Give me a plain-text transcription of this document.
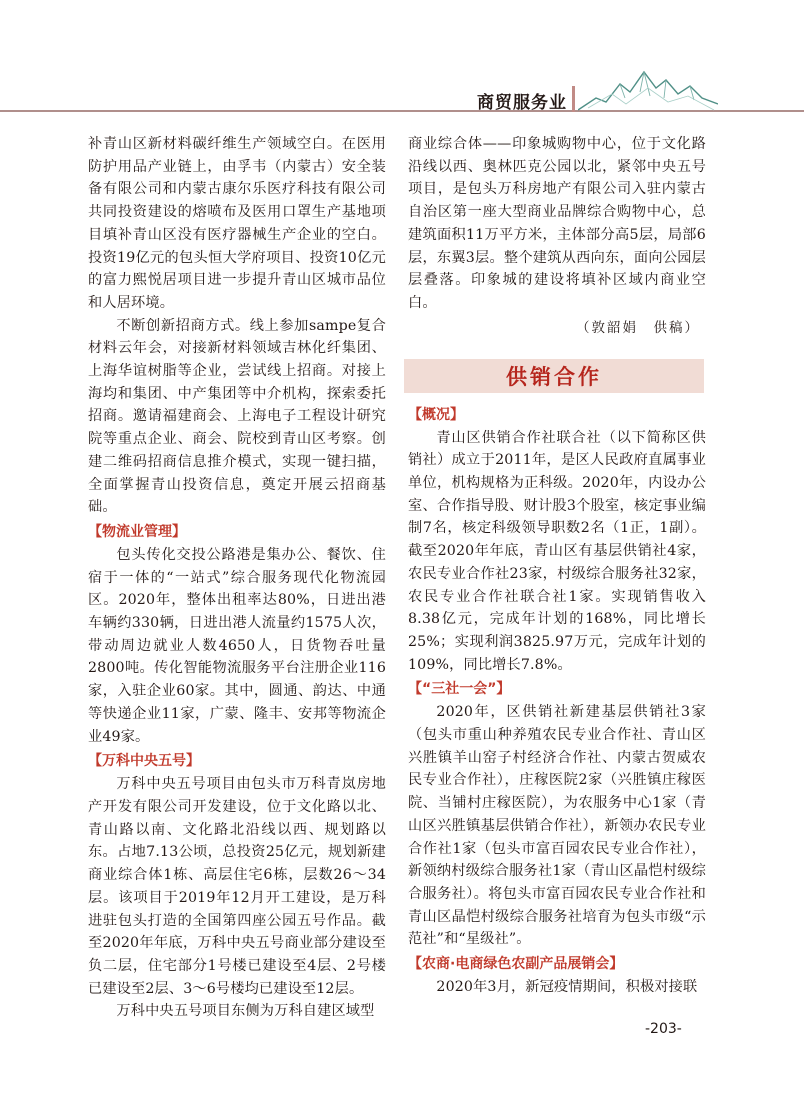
商贸服务业

补青山区新材料碳纤维生产领域空白。在医用防护用品产业链上，由孚韦（内蒙古）安全装备有限公司和内蒙古康尔乐医疗科技有限公司共同投资建设的熔喷布及医用口罩生产基地项目填补青山区没有医疗器械生产企业的空白。投资19亿元的包头恒大学府项目、投资10亿元的富力熙悦居项目进一步提升青山区城市品位和人居环境。

不断创新招商方式。线上参加sampe复合材料云年会，对接新材料领域吉林化纤集团、上海华谊树脂等企业，尝试线上招商。对接上海均和集团、中产集团等中介机构，探索委托招商。邀请福建商会、上海电子工程设计研究院等重点企业、商会、院校到青山区考察。创建二维码招商信息推介模式，实现一键扫描，全面掌握青山投资信息，奠定开展云招商基础。

【物流业管理】

包头传化交投公路港是集办公、餐饮、住宿于一体的“一站式”综合服务现代化物流园区。2020年，整体出租率达80%，日进出港车辆约330辆，日进出港人流量约1575人次，带动周边就业人数4650人，日货物吞吐量2800吨。传化智能物流服务平台注册企业116家，入驻企业60家。其中，圆通、韵达、中通等快递企业11家，广蒙、隆丰、安邦等物流企业49家。

【万科中央五号】

万科中央五号项目由包头市万科青岚房地产开发有限公司开发建设，位于文化路以北、青山路以南、文化路北沿线以西、规划路以东。占地7.13公顷，总投资25亿元，规划新建商业综合体1栋、高层住宅6栋，层数26～34层。该项目于2019年12月开工建设，是万科进驻包头打造的全国第四座公园五号作品。截至2020年年底，万科中央五号商业部分建设至负二层，住宅部分1号楼已建设至4层、2号楼已建设至2层、3～6号楼均已建设至12层。

万科中央五号项目东侧为万科自建区域型

商业综合体——印象城购物中心，位于文化路沿线以西、奥林匹克公园以北，紧邻中央五号项目，是包头万科房地产有限公司入驻内蒙古自治区第一座大型商业品牌综合购物中心，总建筑面积11万平方米，主体部分高5层，局部6层，东翼3层。整个建筑从西向东，面向公园层层叠落。印象城的建设将填补区域内商业空白。

（敦韶娟　供稿）
供销合作
【概况】

青山区供销合作社联合社（以下简称区供销社）成立于2011年，是区人民政府直属事业单位，机构规格为正科级。2020年，内设办公室、合作指导股、财计股3个股室，核定事业编制7名，核定科级领导职数2名（1正，1副）。截至2020年年底，青山区有基层供销社4家，农民专业合作社23家，村级综合服务社32家，农民专业合作社联合社1家。实现销售收入8.38亿元，完成年计划的168%，同比增长25%；实现利润3825.97万元，完成年计划的109%，同比增长7.8%。

【“三社一会”】

2020年，区供销社新建基层供销社3家（包头市重山种养殖农民专业合作社、青山区兴胜镇羊山窑子村经济合作社、内蒙古贺威农民专业合作社），庄稼医院2家（兴胜镇庄稼医院、当铺村庄稼医院），为农服务中心1家（青山区兴胜镇基层供销合作社），新领办农民专业合作社1家（包头市富百园农民专业合作社），新领纳村级综合服务社1家（青山区晶恺村级综合服务社）。将包头市富百园农民专业合作社和青山区晶恺村级综合服务社培育为包头市级“示范社”和“星级社”。

【农商·电商绿色农副产品展销会】

2020年3月，新冠疫情期间，积极对接联

-203-
